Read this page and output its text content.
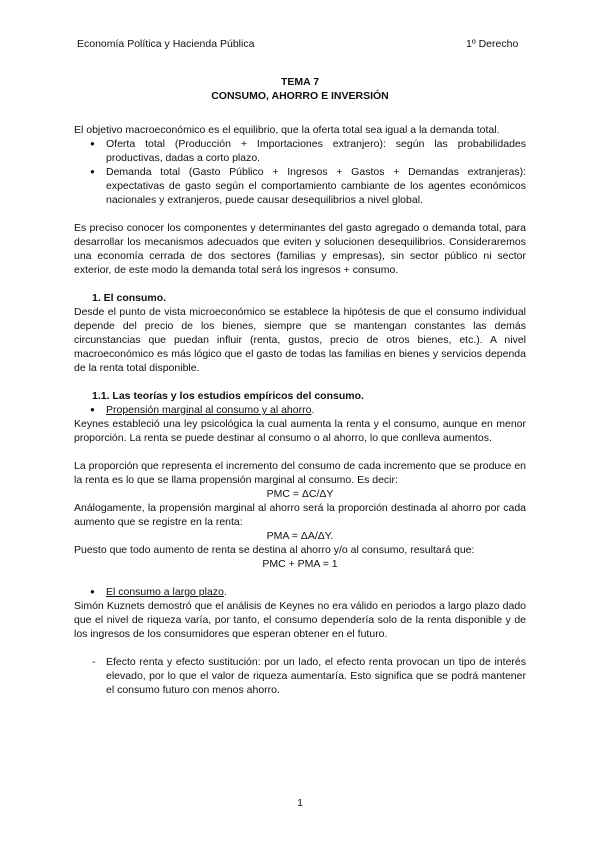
Economía Política y Hacienda Pública	1º Derecho
TEMA 7
CONSUMO, AHORRO E INVERSIÓN

El objetivo macroeconómico es el equilibrio, que la oferta total sea igual a la demanda total.

● Oferta total (Producción + Importaciones extranjero): según las probabilidades productivas, dadas a corto plazo.
● Demanda total (Gasto Público + Ingresos + Gastos + Demandas extranjeras): expectativas de gasto según el comportamiento cambiante de los agentes económicos nacionales y extranjeros, puede causar desequilibrios a nivel global.

Es preciso conocer los componentes y determinantes del gasto agregado o demanda total, para desarrollar los mecanismos adecuados que eviten y solucionen desequilibrios. Consideraremos una economía cerrada de dos sectores (familias y empresas), sin sector público ni sector exterior, de este modo la demanda total será los ingresos + consumo.

1. El consumo.

Desde el punto de vista microeconómico se establece la hipótesis de que el consumo individual depende del precio de los bienes, siempre que se mantengan constantes las demás circunstancias que puedan influir (renta, gustos, precio de otros bienes, etc.). A nivel macroeconómico es más lógico que el gasto de todas las familias en bienes y servicios dependa de la renta total disponible.

1.1. Las teorías y los estudios empíricos del consumo.
● Propensión marginal al consumo y al ahorro.

Keynes estableció una ley psicológica la cual aumenta la renta y el consumo, aunque en menor proporción. La renta se puede destinar al consumo o al ahorro, lo que conlleva aumentos.

La proporción que representa el incremento del consumo de cada incremento que se produce en la renta es lo que se llama propensión marginal al consumo. Es decir:

PMC = ΔC/ΔY

Análogamente, la propensión marginal al ahorro será la proporción destinada al ahorro por cada aumento que se registre en la renta:

PMA = ΔA/ΔY.

Puesto que todo aumento de renta se destina al ahorro y/o al consumo, resultará que:

PMC + PMA = 1

● El consumo a largo plazo.

Simón Kuznets demostró que el análisis de Keynes no era válido en periodos a largo plazo dado que el nivel de riqueza varía, por tanto, el consumo dependería solo de la renta disponible y de los ingresos de los consumidores que esperan obtener en el futuro.

- Efecto renta y efecto sustitución: por un lado, el efecto renta provocan un tipo de interés elevado, por lo que el valor de riqueza aumentaría. Esto significa que se podrá mantener el consumo futuro con menos ahorro.
1
